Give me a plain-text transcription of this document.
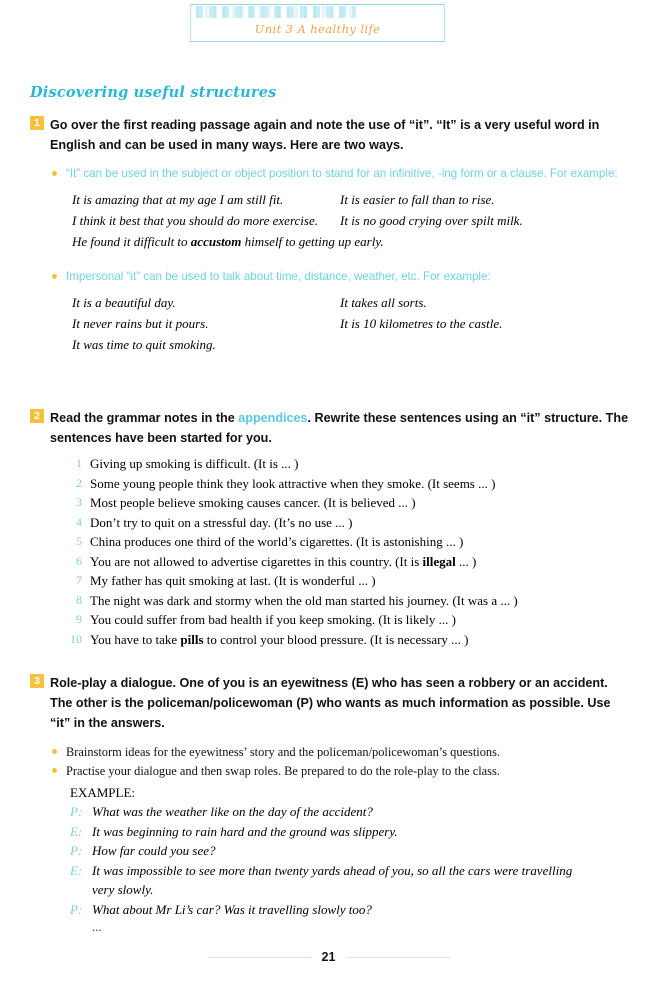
Unit 3 A healthy life
Discovering useful structures
1 Go over the first reading passage again and note the use of “it”. “It” is a very useful word in English and can be used in many ways. Here are two ways.
“It” can be used in the subject or object position to stand for an infinitive, -ing form or a clause. For example:
It is amazing that at my age I am still fit.	It is easier to fall than to rise.
I think it best that you should do more exercise.	It is no good crying over spilt milk.
He found it difficult to accustom himself to getting up early.
Impersonal “it” can be used to talk about time, distance, weather, etc. For example:
It is a beautiful day.	It takes all sorts.
It never rains but it pours.	It is 10 kilometres to the castle.
It was time to quit smoking.
2 Read the grammar notes in the appendices. Rewrite these sentences using an “it” structure. The sentences have been started for you.
1 Giving up smoking is difficult. (It is ... )
2 Some young people think they look attractive when they smoke. (It seems ... )
3 Most people believe smoking causes cancer. (It is believed ... )
4 Don’t try to quit on a stressful day. (It’s no use ... )
5 China produces one third of the world’s cigarettes. (It is astonishing ... )
6 You are not allowed to advertise cigarettes in this country. (It is illegal ... )
7 My father has quit smoking at last. (It is wonderful ... )
8 The night was dark and stormy when the old man started his journey. (It was a ... )
9 You could suffer from bad health if you keep smoking. (It is likely ... )
10 You have to take pills to control your blood pressure. (It is necessary ... )
3 Role-play a dialogue. One of you is an eyewitness (E) who has seen a robbery or an accident. The other is the policeman/policewoman (P) who wants as much information as possible. Use “it” in the answers.
Brainstorm ideas for the eyewitness’ story and the policeman/policewoman’s questions.
Practise your dialogue and then swap roles. Be prepared to do the role-play to the class.
EXAMPLE:
P: What was the weather like on the day of the accident?
E: It was beginning to rain hard and the ground was slippery.
P: How far could you see?
E: It was impossible to see more than twenty yards ahead of you, so all the cars were travelling
very slowly.
P: What about Mr Li’s car? Was it travelling slowly too?
...
21
